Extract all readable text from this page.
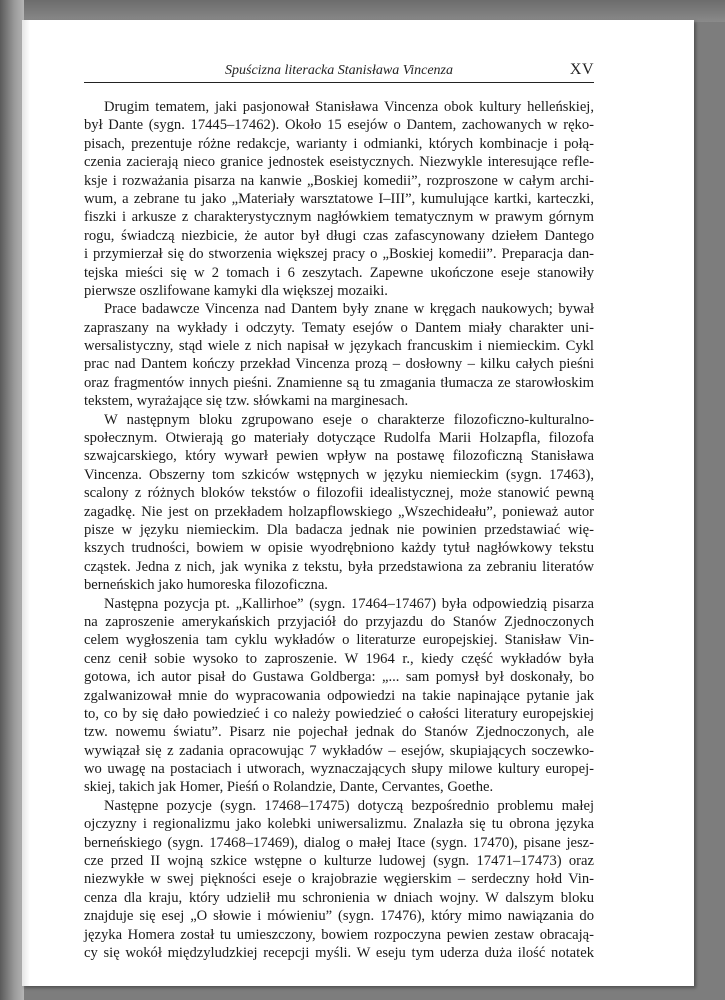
Spuścizna literacka Stanisława Vincenza	XV
Drugim tematem, jaki pasjonował Stanisława Vincenza obok kultury helleńskiej,
był Dante (sygn. 17445–17462). Około 15 esejów o Dantem, zachowanych w ręko-
pisach, prezentuje różne redakcje, warianty i odmianki, których kombinacje i połą-
czenia zacierają nieco granice jednostek eseistycznych. Niezwykle interesujące refle-
ksje i rozważania pisarza na kanwie „Boskiej komedii”, rozproszone w całym archi-
wum, a zebrane tu jako „Materiały warsztatowe I–III”, kumulujące kartki, karteczki,
fiszki i arkusze z charakterystycznym nagłówkiem tematycznym w prawym górnym
rogu, świadczą niezbicie, że autor był długi czas zafascynowany dziełem Dantego
i przymierzał się do stworzenia większej pracy o „Boskiej komedii”. Preparacja dan-
tejska mieści się w 2 tomach i 6 zeszytach. Zapewne ukończone eseje stanowiły
pierwsze oszlifowane kamyki dla większej mozaiki.
Prace badawcze Vincenza nad Dantem były znane w kręgach naukowych; bywał
zapraszany na wykłady i odczyty. Tematy esejów o Dantem miały charakter uni-
wersalistyczny, stąd wiele z nich napisał w językach francuskim i niemieckim. Cykl
prac nad Dantem kończy przekład Vincenza prozą – dosłowny – kilku całych pieśni
oraz fragmentów innych pieśni. Znamienne są tu zmagania tłumacza ze starowłoskim
tekstem, wyrażające się tzw. słówkami na marginesach.
W następnym bloku zgrupowano eseje o charakterze filozoficzno-kulturalno-
społecznym. Otwierają go materiały dotyczące Rudolfa Marii Holzapfla, filozofa
szwajcarskiego, który wywarł pewien wpływ na postawę filozoficzną Stanisława
Vincenza. Obszerny tom szkiców wstępnych w języku niemieckim (sygn. 17463),
scalony z różnych bloków tekstów o filozofii idealistycznej, może stanowić pewną
zagadkę. Nie jest on przekładem holzapflowskiego „Wszechideału”, ponieważ autor
pisze w języku niemieckim. Dla badacza jednak nie powinien przedstawiać wię-
kszych trudności, bowiem w opisie wyodrębniono każdy tytuł nagłówkowy tekstu
cząstek. Jedna z nich, jak wynika z tekstu, była przedstawiona za zebraniu literatów
berneńskich jako humoreska filozoficzna.
Następna pozycja pt. „Kallirhoe” (sygn. 17464–17467) była odpowiedzią pisarza
na zaproszenie amerykańskich przyjaciół do przyjazdu do Stanów Zjednoczonych
celem wygłoszenia tam cyklu wykładów o literaturze europejskiej. Stanisław Vin-
cenz cenił sobie wysoko to zaproszenie. W 1964 r., kiedy część wykładów była
gotowa, ich autor pisał do Gustawa Goldberga: „... sam pomysł był doskonały, bo
zgalwanizował mnie do wypracowania odpowiedzi na takie napinające pytanie jak
to, co by się dało powiedzieć i co należy powiedzieć o całości literatury europejskiej
tzw. nowemu światu”. Pisarz nie pojechał jednak do Stanów Zjednoczonych, ale
wywiązał się z zadania opracowując 7 wykładów – esejów, skupiających soczewko-
wo uwagę na postaciach i utworach, wyznaczających słupy milowe kultury europej-
skiej, takich jak Homer, Pieśń o Rolandzie, Dante, Cervantes, Goethe.
Następne pozycje (sygn. 17468–17475) dotyczą bezpośrednio problemu małej
ojczyzny i regionalizmu jako kolebki uniwersalizmu. Znalazła się tu obrona języka
berneńskiego (sygn. 17468–17469), dialog o małej Itace (sygn. 17470), pisane jesz-
cze przed II wojną szkice wstępne o kulturze ludowej (sygn. 17471–17473) oraz
niezwykłe w swej piękności eseje o krajobrazie węgierskim – serdeczny hołd Vin-
cenza dla kraju, który udzielił mu schronienia w dniach wojny. W dalszym bloku
znajduje się esej „O słowie i mówieniu” (sygn. 17476), który mimo nawiązania do
języka Homera został tu umieszczony, bowiem rozpoczyna pewien zestaw obracają-
cy się wokół międzyludzkiej recepcji myśli. W eseju tym uderza duża ilość notatek
